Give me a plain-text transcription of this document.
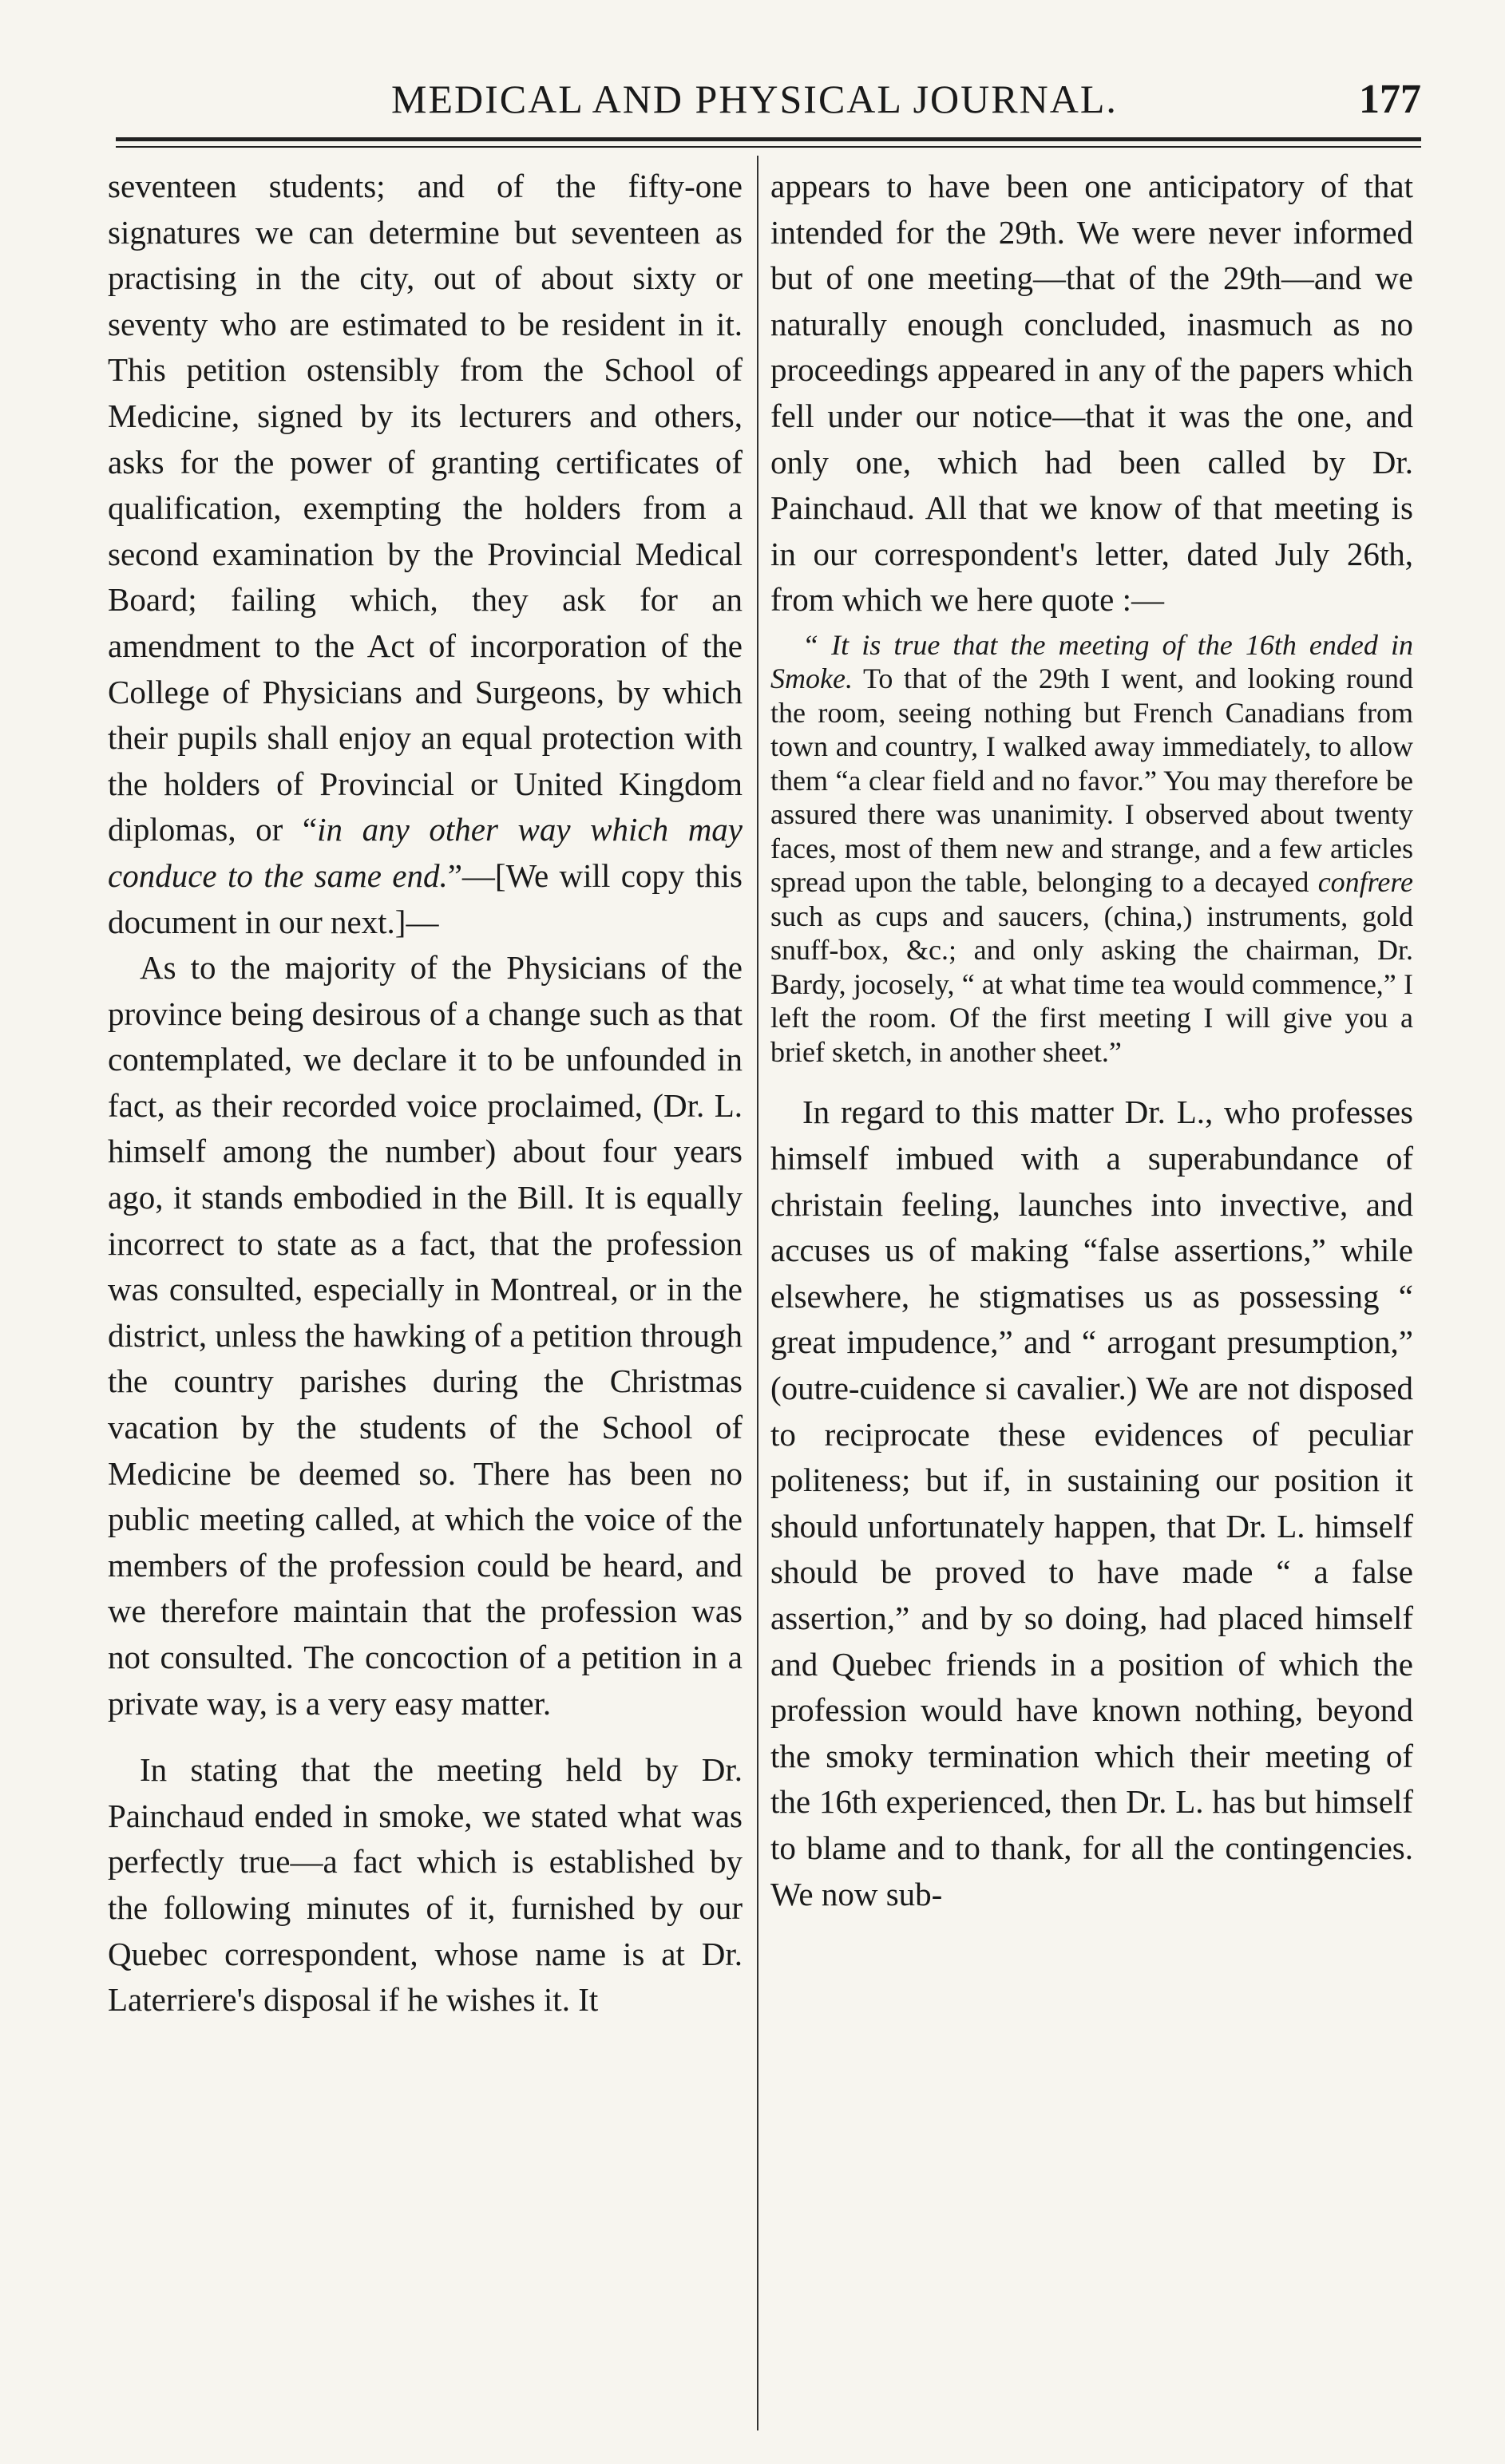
MEDICAL AND PHYSICAL JOURNAL.	177

seventeen students; and of the fifty-one signatures we can determine but seventeen as practising in the city, out of about sixty or seventy who are estimated to be resident in it. This petition ostensibly from the School of Medicine, signed by its lecturers and others, asks for the power of granting certificates of qualification, exempting the holders from a second examination by the Provincial Medical Board; failing which, they ask for an amendment to the Act of incorporation of the College of Physicians and Surgeons, by which their pupils shall enjoy an equal protection with the holders of Provincial or United Kingdom diplomas, or “in any other way which may conduce to the same end.”—[We will copy this document in our next.]—

As to the majority of the Physicians of the province being desirous of a change such as that contemplated, we declare it to be unfounded in fact, as their recorded voice proclaimed, (Dr. L. himself among the number) about four years ago, it stands embodied in the Bill. It is equally incorrect to state as a fact, that the profession was consulted, especially in Montreal, or in the district, unless the hawking of a petition through the country parishes during the Christmas vacation by the students of the School of Medicine be deemed so. There has been no public meeting called, at which the voice of the members of the profession could be heard, and we therefore maintain that the profession was not consulted. The concoction of a petition in a private way, is a very easy matter.

In stating that the meeting held by Dr. Painchaud ended in smoke, we stated what was perfectly true—a fact which is established by the following minutes of it, furnished by our Quebec correspondent, whose name is at Dr. Laterriere's disposal if he wishes it. It

appears to have been one anticipatory of that intended for the 29th. We were never informed but of one meeting—that of the 29th—and we naturally enough concluded, inasmuch as no proceedings appeared in any of the papers which fell under our notice—that it was the one, and only one, which had been called by Dr. Painchaud. All that we know of that meeting is in our correspondent's letter, dated July 26th, from which we here quote :—

“ It is true that the meeting of the 16th ended in Smoke. To that of the 29th I went, and looking round the room, seeing nothing but French Canadians from town and country, I walked away immediately, to allow them “a clear field and no favor.” You may therefore be assured there was unanimity. I observed about twenty faces, most of them new and strange, and a few articles spread upon the table, belonging to a decayed confrere such as cups and saucers, (china,) instruments, gold snuff-box, &c.; and only asking the chairman, Dr. Bardy, jocosely, “ at what time tea would commence,” I left the room. Of the first meeting I will give you a brief sketch, in another sheet.”

In regard to this matter Dr. L., who professes himself imbued with a superabundance of christain feeling, launches into invective, and accuses us of making “false assertions,” while elsewhere, he stigmatises us as possessing “ great impudence,” and “ arrogant presumption,” (outre-cuidence si cavalier.) We are not disposed to reciprocate these evidences of peculiar politeness; but if, in sustaining our position it should unfortunately happen, that Dr. L. himself should be proved to have made “ a false assertion,” and by so doing, had placed himself and Quebec friends in a position of which the profession would have known nothing, beyond the smoky termination which their meeting of the 16th experienced, then Dr. L. has but himself to blame and to thank, for all the contingencies. We now sub-
